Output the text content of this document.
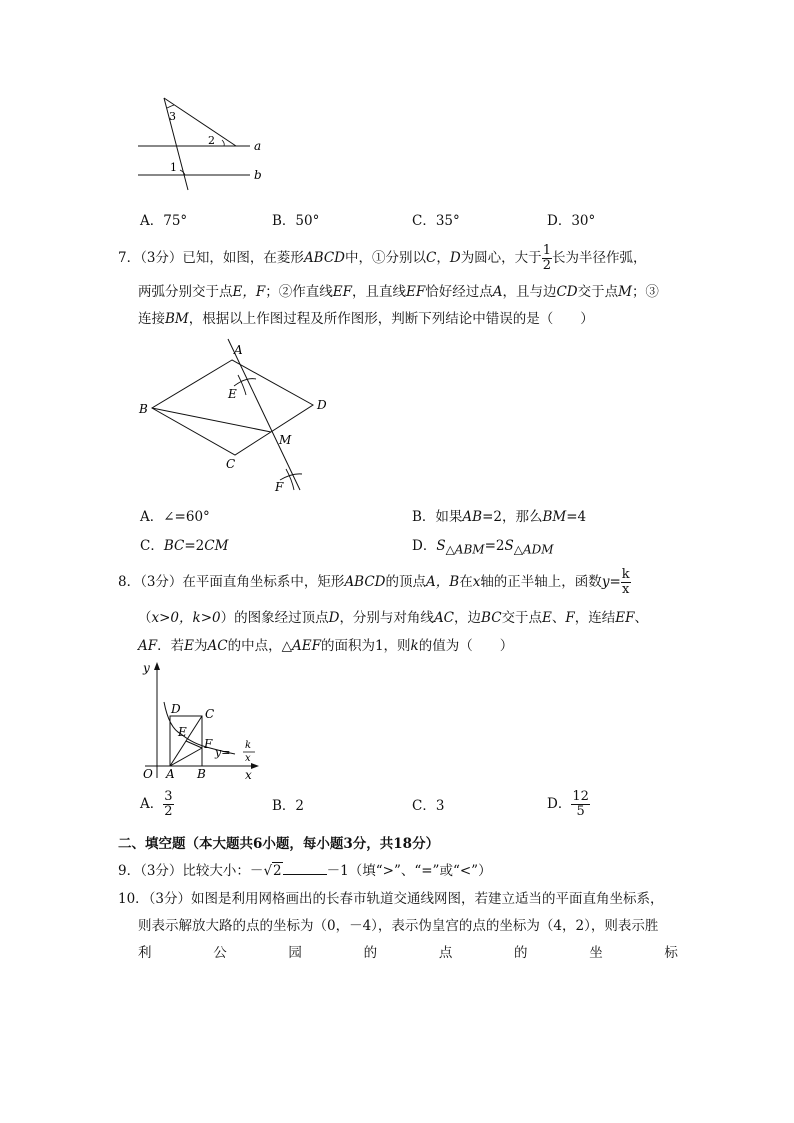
3
2
1
a
b
A．75°	B．50°	C．35°	D．30°
7．（3分）已知，如图，在菱形ABCD中，①分别以C，D为圆心，大于 $\frac{1}{2}$ 长为半径作弧，
两弧分别交于点E，F；②作直线EF，且直线EF恰好经过点A，且与边CD交于点M；③
连接BM，根据以上作图过程及所作图形，判断下列结论中错误的是（　　）
A
B
C
D
E
F
M
A．∠=60°	B．如果AB=2，那么BM=4
C．BC=2CM	D．$S_{\triangle ABM}=2S_{\triangle ADM}$
8．（3分）在平面直角坐标系中，矩形ABCD的顶点A，B在x轴的正半轴上，函数$y= \frac{k}{x}$
（x>0，k>0）的图象经过顶点D，分别与对角线AC，边BC交于点E、F，连结EF、
AF．若E为AC的中点，△AEF的面积为1，则k的值为（　　）
y
x
O A B
C
D
E
F
y=
k
x
A． $\frac{3}{2}$	B．2	C．3	D． $\frac{12}{5}$
二、填空题（本大题共6小题，每小题3分，共18分）
9．（3分）比较大小：－√2	－1（填“>”、“=”或“<”）
10．（3分）如图是利用网格画出的长春市轨道交通线网图，若建立适当的平面直角坐标系，
则表示解放大路的点的坐标为（0，－4），表示伪皇宫的点的坐标为（4，2），则表示胜
利	公	园	的	点	的	坐	标
